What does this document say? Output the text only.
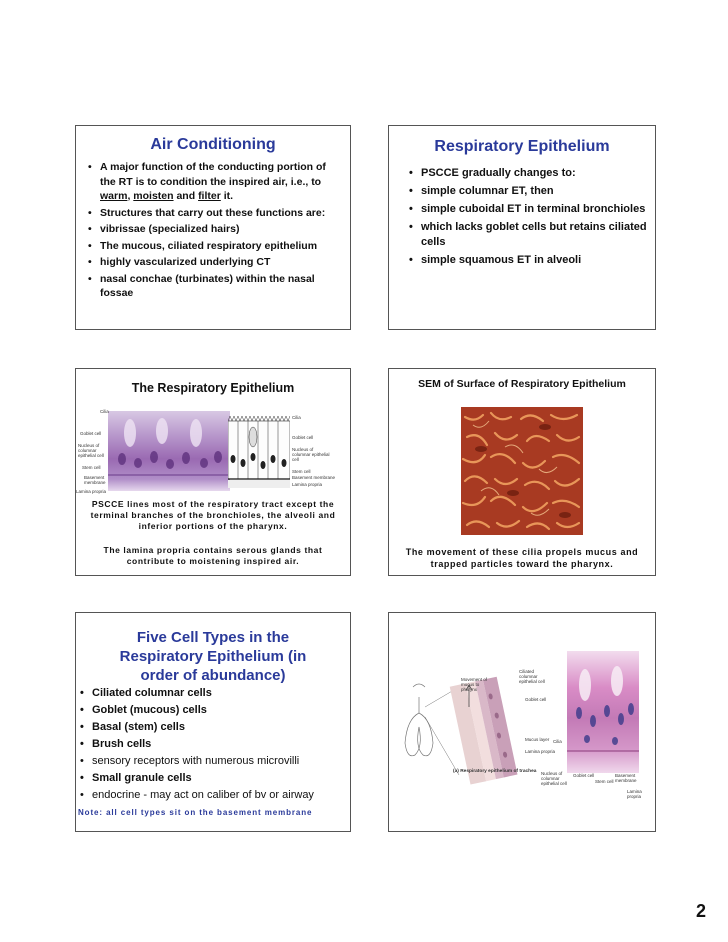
Air Conditioning

• A major function of the conducting portion of the RT is to condition the inspired air, i.e., to warm, moisten and filter it.
• Structures that carry out these functions are:
• vibrissae (specialized hairs)
• The mucous, ciliated respiratory epithelium
• highly vascularized underlying CT
• nasal conchae (turbinates) within the nasal fossae

Respiratory Epithelium

• PSCCE gradually changes to:
• simple columnar ET, then
• simple cuboidal ET in terminal bronchioles
• which lacks goblet cells but retains ciliated cells
• simple squamous ET in alveoli

The Respiratory Epithelium

Cilia
Goblet cell
Nucleus of columnar epithelial cell
Stem cell
Basement membrane
Lamina propria
Cilia
Goblet cell
Nucleus of columnar epithelial cell
Stem cell
Basement membrane
Lamina propria

PSCCE lines most of the respiratory tract except the terminal branches of the bronchioles, the alveoli and inferior portions of the pharynx.

The lamina propria contains serous glands that contribute to moistening inspired air.

SEM of Surface of Respiratory Epithelium

The movement of these cilia propels mucus and trapped particles toward the pharynx.

Five Cell Types in the Respiratory Epithelium (in order of abundance)

• Ciliated columnar cells
• Goblet (mucous) cells
• Basal (stem) cells
• Brush cells
• sensory receptors with numerous microvilli
• Small granule cells
• endocrine - may act on caliber of bv or airway

Note: all cell types sit on the basement membrane

Movement of mucus to pharynx
Ciliated columnar epithelial cell
Goblet cell
Mucus layer
Lamina propria
(a) Respiratory epithelium of trachea
Cilia
Nucleus of columnar epithelial cell
Goblet cell
Stem cell
Basement membrane
Lamina propria
2
